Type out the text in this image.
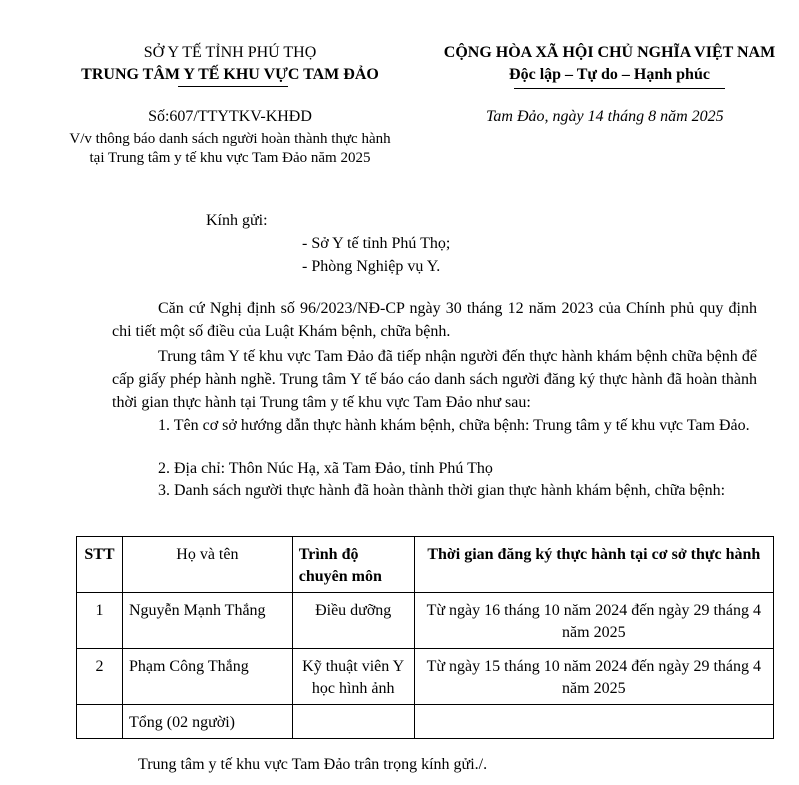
SỞ Y TẾ TỈNH PHÚ THỌ
TRUNG TÂM Y TẾ KHU VỰC TAM ĐẢO
CỘNG HÒA XÃ HỘI CHỦ NGHĨA VIỆT NAM
Độc lập – Tự do – Hạnh phúc
Số:607/TTYTKV-KHĐD	Tam Đảo, ngày 14 tháng 8 năm 2025
V/v thông báo danh sách người hoàn thành thực hành
tại Trung tâm y tế khu vực Tam Đảo năm 2025
Kính gửi:
- Sở Y tế tỉnh Phú Thọ;
- Phòng Nghiệp vụ Y.
Căn cứ Nghị định số 96/2023/NĐ-CP ngày 30 tháng 12 năm 2023 của Chính phủ quy định chi tiết một số điều của Luật Khám bệnh, chữa bệnh.
Trung tâm Y tế khu vực Tam Đảo đã tiếp nhận người đến thực hành khám bệnh chữa bệnh để cấp giấy phép hành nghề. Trung tâm Y tế báo cáo danh sách người đăng ký thực hành đã hoàn thành thời gian thực hành tại Trung tâm y tế khu vực Tam Đảo như sau:
1. Tên cơ sở hướng dẫn thực hành khám bệnh, chữa bệnh: Trung tâm y tế khu vực Tam Đảo.
2. Địa chỉ: Thôn Núc Hạ, xã Tam Đảo, tỉnh Phú Thọ
3. Danh sách người thực hành đã hoàn thành thời gian thực hành khám bệnh, chữa bệnh:
STT	Họ và tên	Trình độ chuyên môn	Thời gian đăng ký thực hành tại cơ sở thực hành
1	Nguyễn Mạnh Thắng	Điều dưỡng	Từ ngày 16 tháng 10 năm 2024 đến ngày 29 tháng 4 năm 2025
2	Phạm Công Thắng	Kỹ thuật viên Y học hình ảnh	Từ ngày 15 tháng 10 năm 2024 đến ngày 29 tháng 4 năm 2025
	Tổng (02 người)		
Trung tâm y tế khu vực Tam Đảo trân trọng kính gửi./.
